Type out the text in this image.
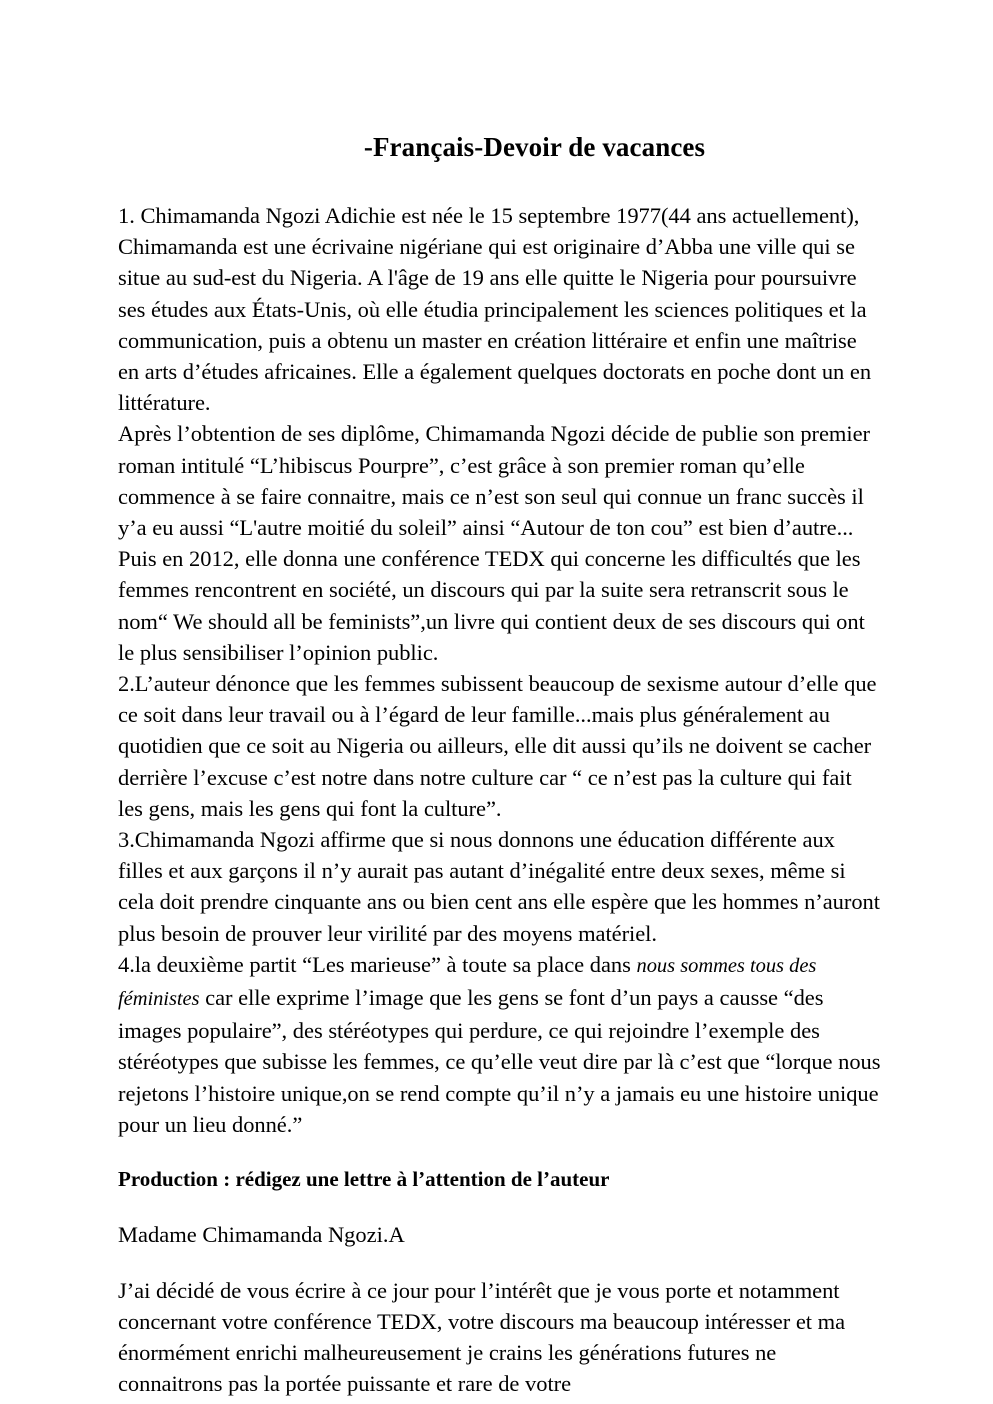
-Français-Devoir de vacances

1. Chimamanda Ngozi Adichie est née le 15 septembre 1977(44 ans actuellement), Chimamanda est une écrivaine nigériane qui est originaire d’Abba une ville qui se situe au sud-est du Nigeria. A l'âge de 19 ans elle quitte le Nigeria pour poursuivre ses études aux États-Unis, où elle étudia principalement les sciences politiques et la communication, puis a obtenu un master en création littéraire et enfin une maîtrise en arts d’études africaines. Elle a également quelques doctorats en poche dont un en littérature.

Après l’obtention de ses diplôme, Chimamanda Ngozi décide de publie son premier roman intitulé “L’hibiscus Pourpre”, c’est grâce à son premier roman qu’elle commence à se faire connaitre, mais ce n’est son seul qui connue un franc succès il y’a eu aussi “L'autre moitié du soleil” ainsi “Autour de ton cou” est bien d’autre...

Puis en 2012, elle donna une conférence TEDX qui concerne les difficultés que les femmes rencontrent en société, un discours qui par la suite sera retranscrit sous le nom“ We should all be feminists”,un livre qui contient deux de ses discours qui ont le plus sensibiliser l’opinion public.

2.L’auteur dénonce que les femmes subissent beaucoup de sexisme autour d’elle que ce soit dans leur travail ou à l’égard de leur famille...mais plus généralement au quotidien que ce soit au Nigeria ou ailleurs, elle dit aussi qu’ils ne doivent se cacher derrière l’excuse c’est notre dans notre culture car “ ce n’est pas la culture qui fait les gens, mais les gens qui font la culture”.

3.Chimamanda Ngozi affirme que si nous donnons une éducation différente aux filles et aux garçons il n’y aurait pas autant d’inégalité entre deux sexes, même si cela doit prendre cinquante ans ou bien cent ans elle espère que les hommes n’auront plus besoin de prouver leur virilité par des moyens matériel.

4.la deuxième partit “Les marieuse” à toute sa place dans nous sommes tous des féministes car elle exprime l’image que les gens se font d’un pays a causse “des images populaire”, des stéréotypes qui perdure, ce qui rejoindre l’exemple des stéréotypes que subisse les femmes, ce qu’elle veut dire par là c’est que “lorque nous rejetons l’histoire unique,on se rend compte qu’il n’y a jamais eu une histoire unique pour un lieu donné.”

Production : rédigez une lettre à l’attention de l’auteur

Madame Chimamanda Ngozi.A

J’ai décidé de vous écrire à ce jour pour l’intérêt que je vous porte et notamment concernant votre conférence TEDX, votre discours ma beaucoup intéresser et ma énormément enrichi malheureusement je crains les générations futures ne connaitrons pas la portée puissante et rare de votre
